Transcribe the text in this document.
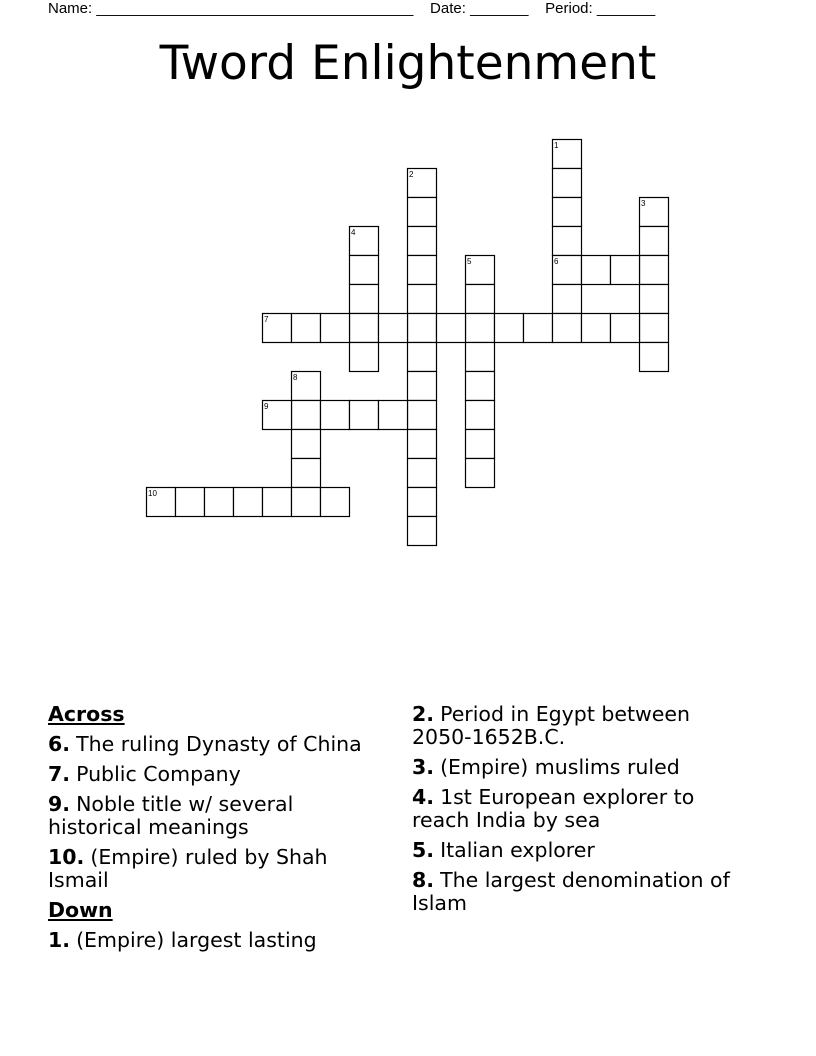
Name: ______________________________________ Date: _______ Period: _______
Tword Enlightenment
1
2
3
4
5	6
7
8
9
10
Across
6. The ruling Dynasty of China
7. Public Company
9. Noble title w/ several historical meanings
10. (Empire) ruled by Shah Ismail
Down
1. (Empire) largest lasting
2. Period in Egypt between 2050-1652B.C.
3. (Empire) muslims ruled
4. 1st European explorer to reach India by sea
5. Italian explorer
8. The largest denomination of Islam
